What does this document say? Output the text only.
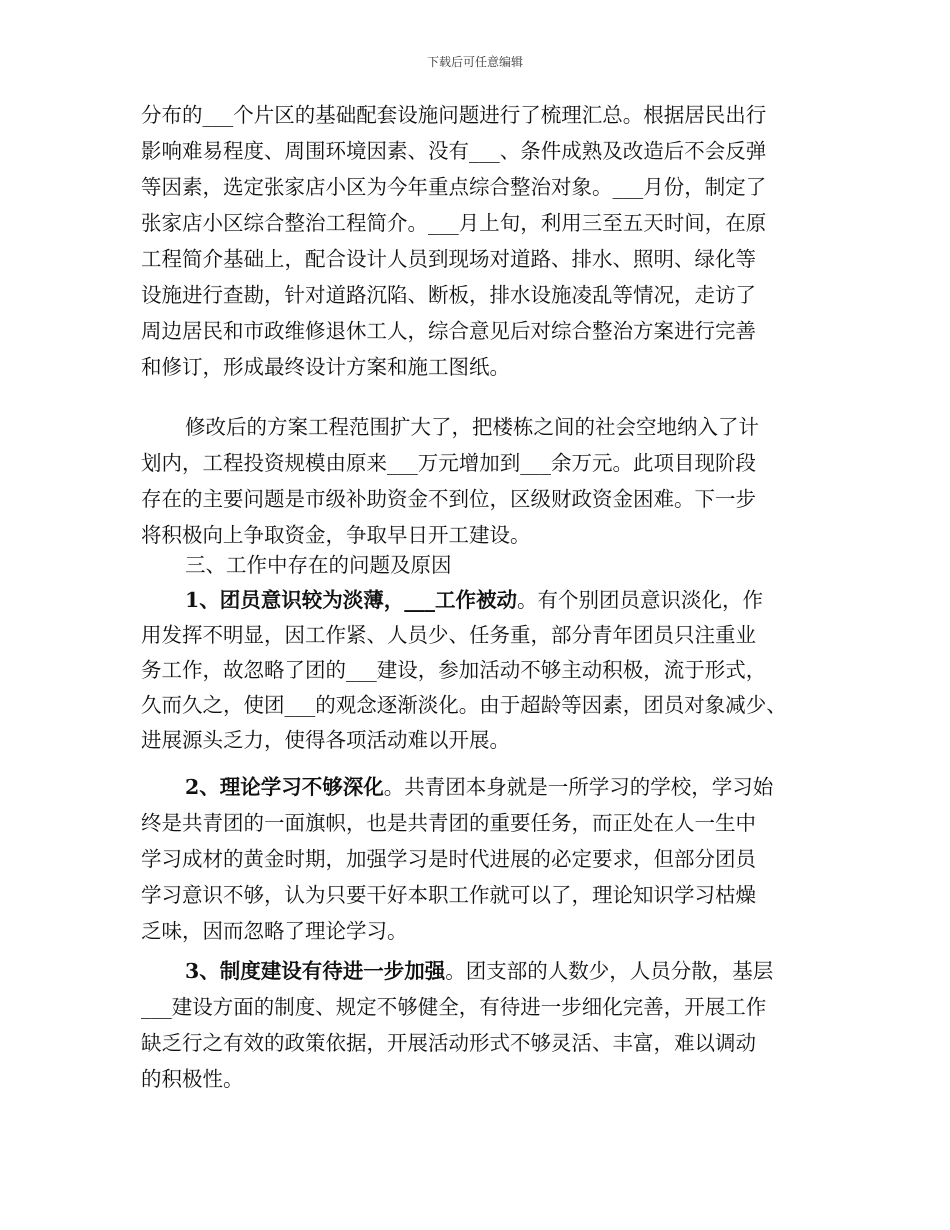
下载后可任意编辑
分布的___个片区的基础配套设施问题进行了梳理汇总。根据居民出行
影响难易程度、周围环境因素、没有___、条件成熟及改造后不会反弹
等因素，选定张家店小区为今年重点综合整治对象。___月份，制定了
张家店小区综合整治工程简介。___月上旬，利用三至五天时间，在原
工程简介基础上，配合设计人员到现场对道路、排水、照明、绿化等
设施进行查勘，针对道路沉陷、断板，排水设施凌乱等情况，走访了
周边居民和市政维修退休工人，综合意见后对综合整治方案进行完善
和修订，形成最终设计方案和施工图纸。
修改后的方案工程范围扩大了，把楼栋之间的社会空地纳入了计
划内，工程投资规模由原来___万元增加到___余万元。此项目现阶段
存在的主要问题是市级补助资金不到位，区级财政资金困难。下一步
将积极向上争取资金，争取早日开工建设。
三、工作中存在的问题及原因
1、团员意识较为淡薄，___工作被动。有个别团员意识淡化，作
用发挥不明显，因工作紧、人员少、任务重，部分青年团员只注重业
务工作，故忽略了团的___建设，参加活动不够主动积极，流于形式，
久而久之，使团___的观念逐渐淡化。由于超龄等因素，团员对象减少、
进展源头乏力，使得各项活动难以开展。
2、理论学习不够深化。共青团本身就是一所学习的学校，学习始
终是共青团的一面旗帜，也是共青团的重要任务，而正处在人一生中
学习成材的黄金时期，加强学习是时代进展的必定要求，但部分团员
学习意识不够，认为只要干好本职工作就可以了，理论知识学习枯燥
乏味，因而忽略了理论学习。
3、制度建设有待进一步加强。团支部的人数少，人员分散，基层
___建设方面的制度、规定不够健全，有待进一步细化完善，开展工作
缺乏行之有效的政策依据，开展活动形式不够灵活、丰富，难以调动
的积极性。
